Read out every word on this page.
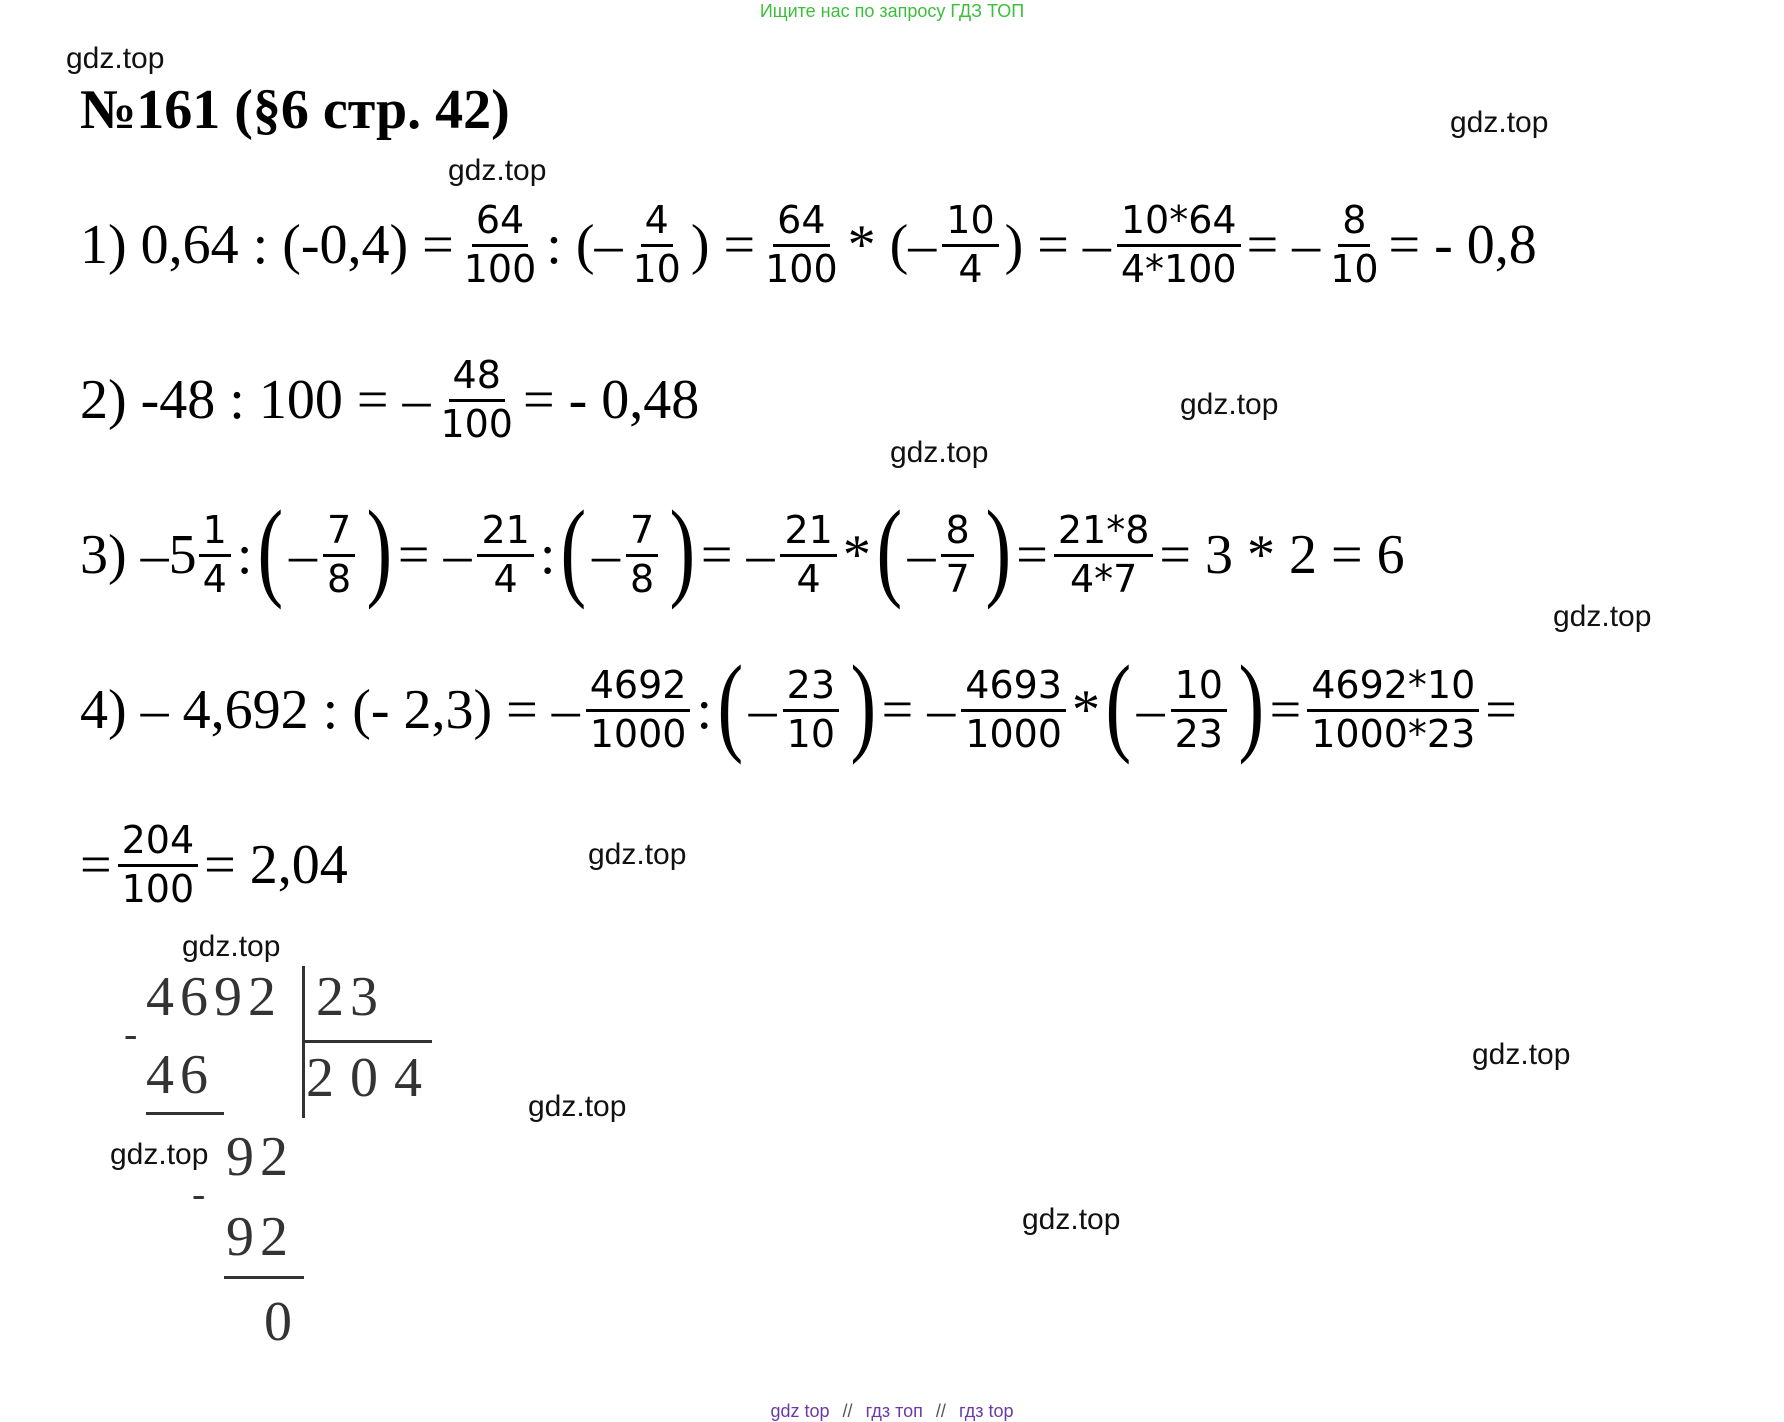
Ищите нас по запросу ГДЗ ТОП
gdz.top
gdz.top
gdz.top
gdz.top
gdz.top
gdz.top
gdz.top
gdz.top
gdz.top
gdz.top
gdz.top
gdz.top
№161 (§6 стр. 42)
1)
0,64 : $(-0,4) = \frac{64}{100}$ : (– $\frac{4}{10}$ ) = $\frac{64}{100}$ * (– $\frac{10}{4}$ ) = – $\frac{10*64}{4*100}$ = – $\frac{8}{10}$ = - 0,8
2)
-48 : 100 = – $\frac{48}{100}$ = - 0,48
3)
$-5 \frac{1}{4}$ : ( – $\frac{7}{8}$ ) = – $\frac{21}{4}$ : ( – $\frac{7}{8}$ ) = – $\frac{21}{4}$ * ( – $\frac{8}{7}$ ) = $\frac{21*8}{4*7} = 3 * 2 = 6$
4)
– 4,692 : (- 2,3) = – $\frac{4692}{1000}$ : ( – $\frac{23}{10}$ ) = – $\frac{4693}{1000}$ * ( – $\frac{10}{23}$ ) = $\frac{4692*10}{1000*23}$ =
= $\frac{204}{100} = 2,04$
4692 23
-
46 204
92
-
92
0
gdz top // гдз топ // гдз top
